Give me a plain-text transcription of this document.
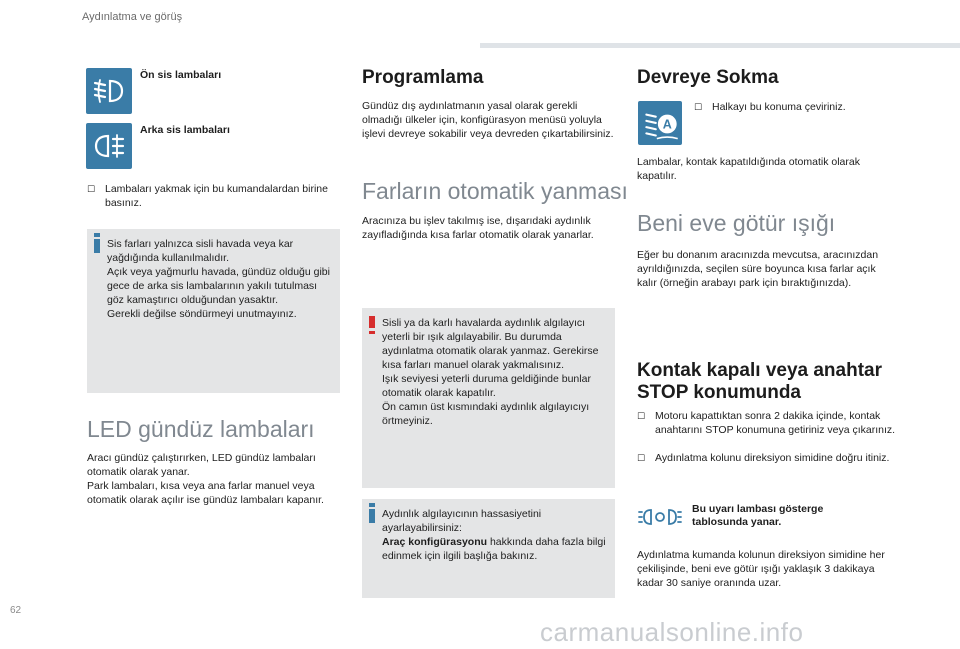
Aydınlatma ve görüş
Ön sis lambaları
Arka sis lambaları
☐ Lambaları yakmak için bu kumandalardan birine basınız.
Sis farları yalnızca sisli havada veya kar yağdığında kullanılmalıdır.
Açık veya yağmurlu havada, gündüz olduğu gibi gece de arka sis lambalarının yakılı tutulması göz kamaştırıcı olduğundan yasaktır.
Gerekli değilse söndürmeyi unutmayınız.
LED gündüz lambaları
Aracı gündüz çalıştırırken, LED gündüz lambaları otomatik olarak yanar.
Park lambaları, kısa veya ana farlar manuel veya otomatik olarak açılır ise gündüz lambaları kapanır.
Programlama
Gündüz dış aydınlatmanın yasal olarak gerekli olmadığı ülkeler için, konfigürasyon menüsü yoluyla işlevi devreye sokabilir veya devreden çıkartabilirsiniz.
Farların otomatik yanması
Aracınıza bu işlev takılmış ise, dışarıdaki aydınlık zayıfladığında kısa farlar otomatik olarak yanarlar.
Sisli ya da karlı havalarda aydınlık algılayıcı yeterli bir ışık algılayabilir. Bu durumda aydınlatma otomatik olarak yanmaz. Gerekirse kısa farları manuel olarak yakmalısınız.
Işık seviyesi yeterli duruma geldiğinde bunlar otomatik olarak kapatılır.
Ön camın üst kısmındaki aydınlık algılayıcıyı örtmeyiniz.
Aydınlık algılayıcının hassasiyetini ayarlayabilirsiniz:
Araç konfigürasyonu hakkında daha fazla bilgi edinmek için ilgili başlığa bakınız.
Devreye Sokma
A
☐ Halkayı bu konuma çeviriniz.
Lambalar, kontak kapatıldığında otomatik olarak kapatılır.
Beni eve götür ışığı
Eğer bu donanım aracınızda mevcutsa, aracınızdan ayrıldığınızda, seçilen süre boyunca kısa farlar açık kalır (örneğin arabayı park için bıraktığınızda).
Kontak kapalı veya anahtar
STOP konumunda
☐ Motoru kapattıktan sonra 2 dakika içinde, kontak anahtarını STOP konumuna getiriniz veya çıkarınız.
☐ Aydınlatma kolunu direksiyon simidine doğru itiniz.
Bu uyarı lambası gösterge tablosunda yanar.
Aydınlatma kumanda kolunun direksiyon simidine her çekilişinde, beni eve götür ışığı yaklaşık 3 dakikaya kadar 30 saniye oranında uzar.
62
carmanualsonline.info
